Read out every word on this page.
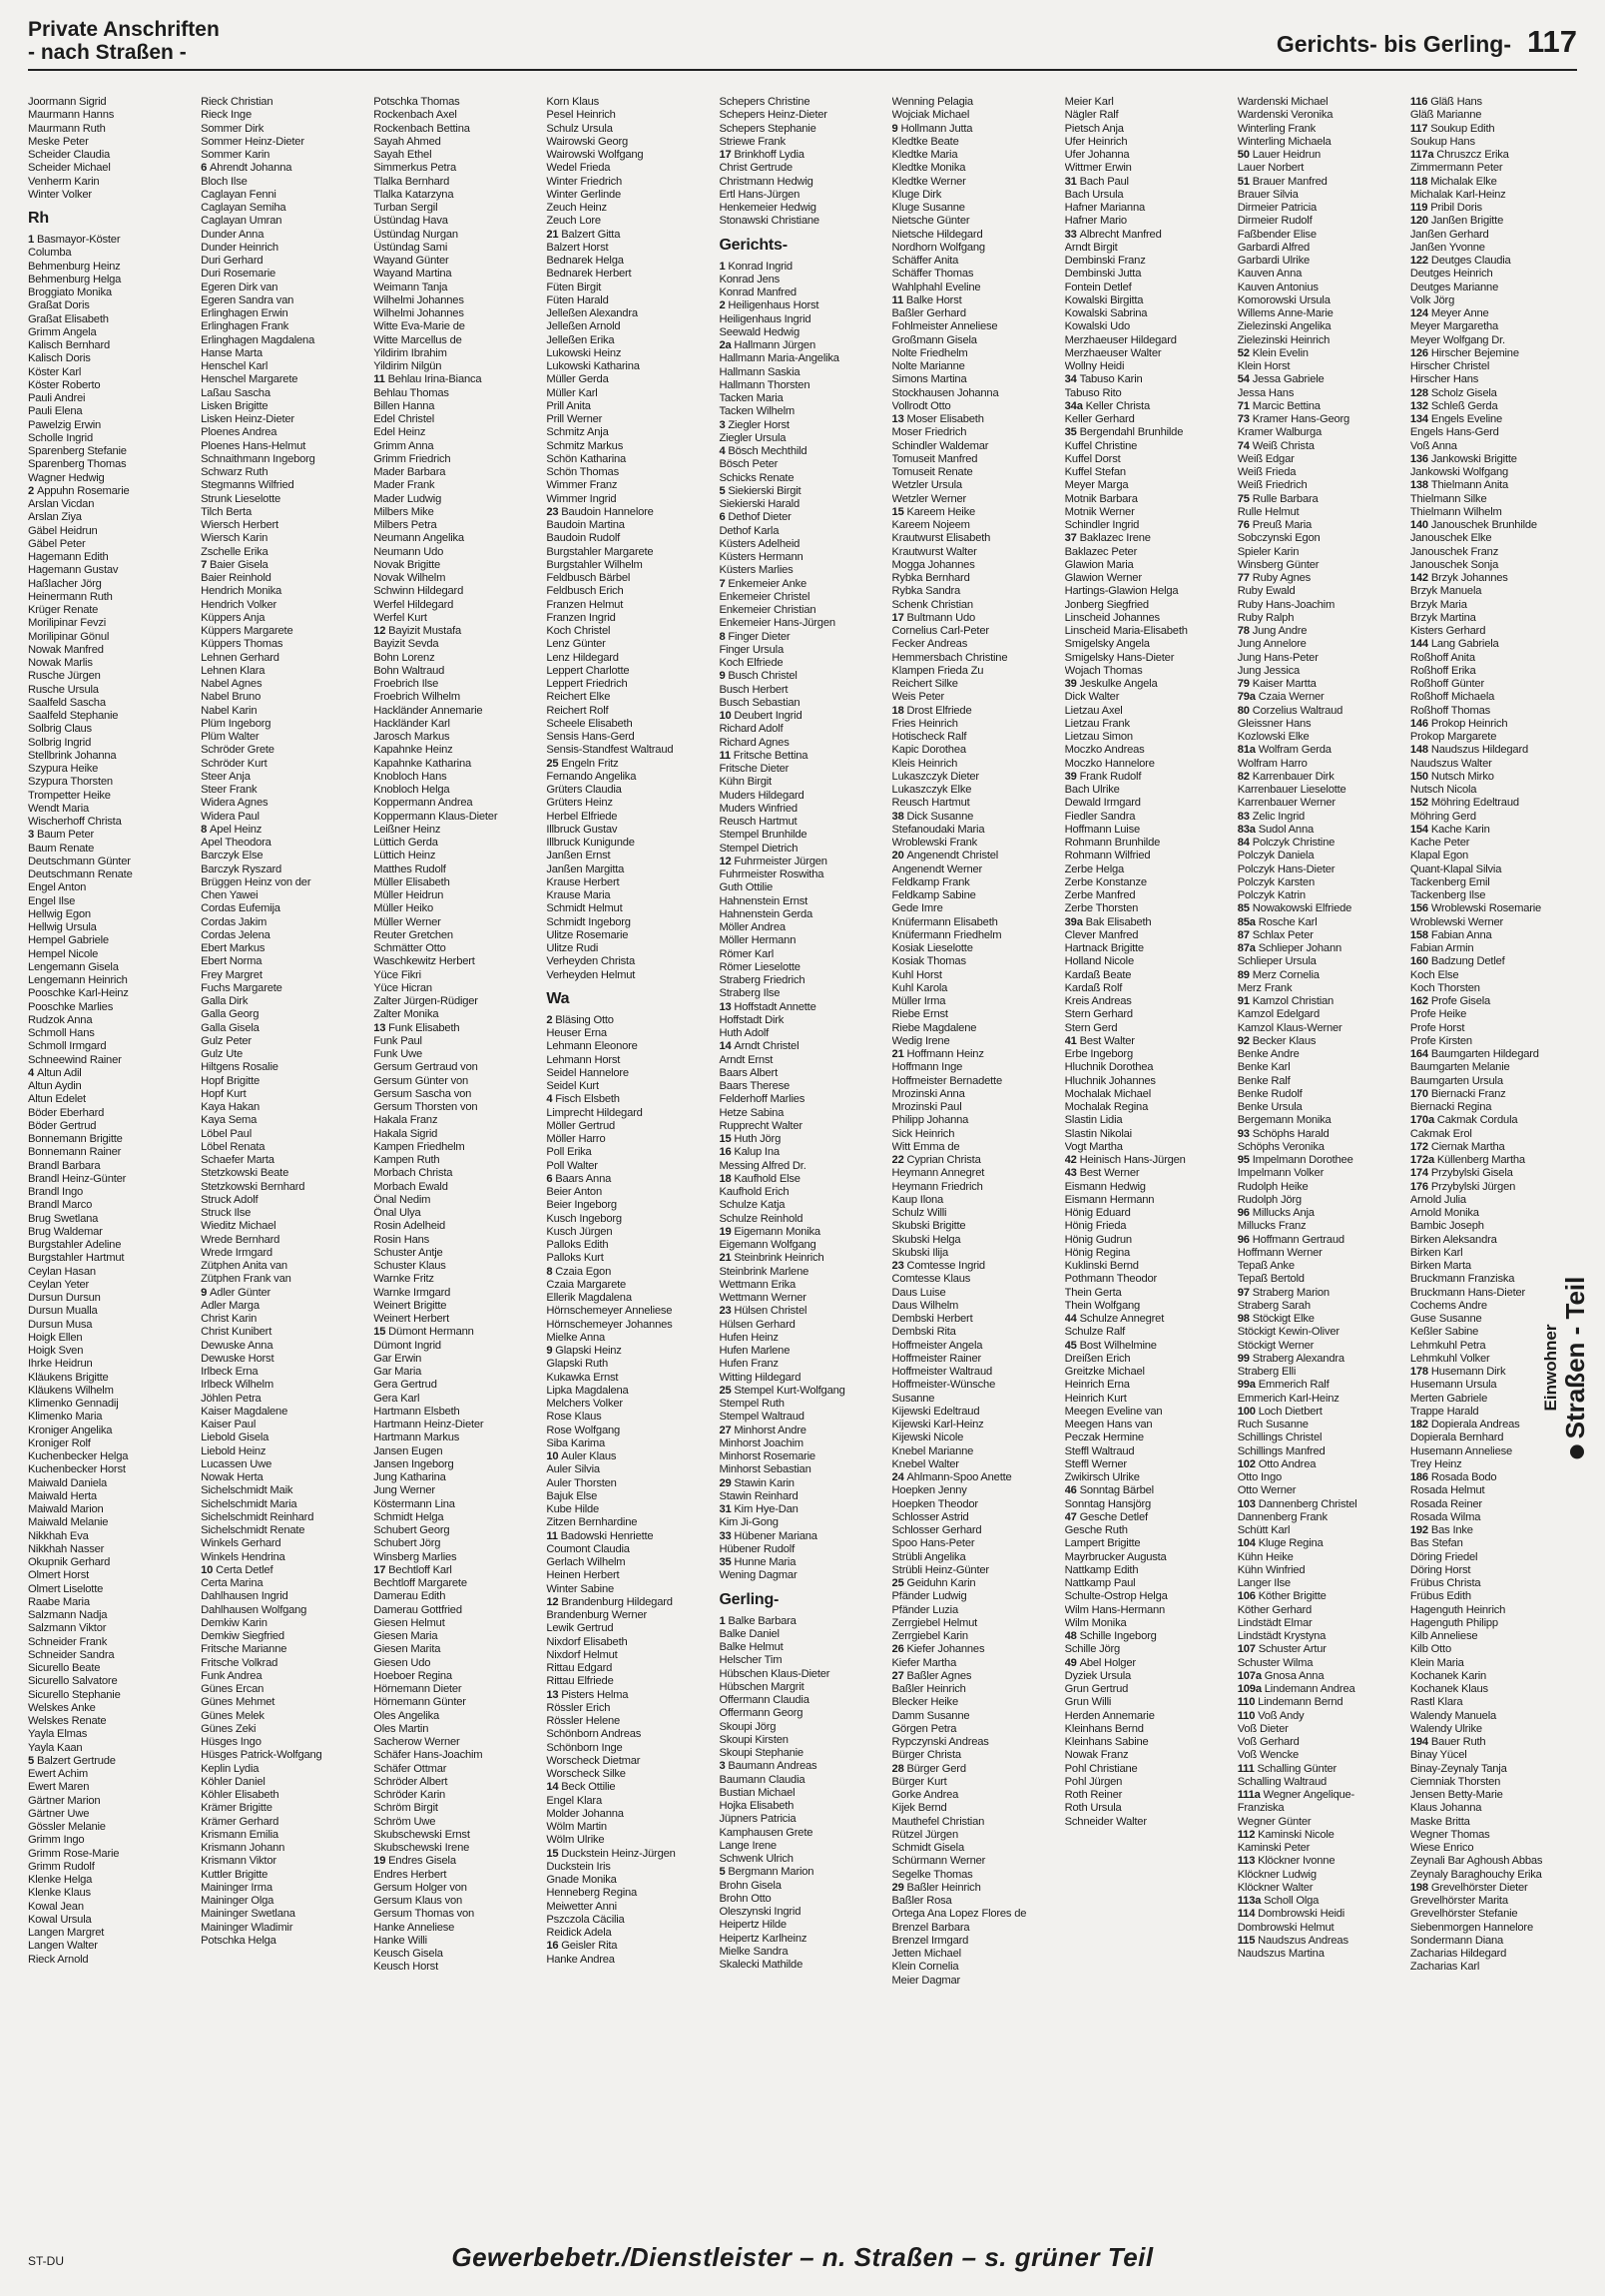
Private Anschriften
- nach Straßen -	Gerichts- bis Gerling- 117
Joormann Sigrid
Maurmann Hanns
Maurmann Ruth
Meske Peter
Scheider Claudia
Scheider Michael
Venherm Karin
Winter Volker
Rh
1 Basmayor-Köster
Columba
Behmenburg Heinz
Behmenburg Helga
Broggiato Monika
Graßat Doris
Graßat Elisabeth
Grimm Angela
Kalisch Bernhard
Kalisch Doris
Köster Karl
Köster Roberto
Pauli Andrei
Pauli Elena
Pawelzig Erwin
Scholle Ingrid
Sparenberg Stefanie
Sparenberg Thomas
Wagner Hedwig
2 Appuhn Rosemarie
Arslan Vicdan
Arslan Ziya
Gäbel Heidrun
Gäbel Peter
Hagemann Edith
Hagemann Gustav
Haßlacher Jörg
Heinermann Ruth
Krüger Renate
Morilipinar Fevzi
Morilipinar Gönul
Nowak Manfred
Nowak Marlis
Rusche Jürgen
Rusche Ursula
Saalfeld Sascha
Saalfeld Stephanie
Solbrig Claus
Solbrig Ingrid
Stellbrink Johanna
Szypura Heike
Szypura Thorsten
Trompetter Heike
Wendt Maria
Wischerhoff Christa
3 Baum Peter
Baum Renate
Deutschmann Günter
Deutschmann Renate
Engel Anton
Engel Ilse
Hellwig Egon
Hellwig Ursula
Hempel Gabriele
Hempel Nicole
Lengemann Gisela
Lengemann Heinrich
Pooschke Karl-Heinz
Pooschke Marlies
Rudzok Anna
Schmoll Hans
Schmoll Irmgard
Schneewind Rainer
4 Altun Adil
Altun Aydin
Altun Edelet
Böder Eberhard
Böder Gertrud
Bonnemann Brigitte
Bonnemann Rainer
Brandl Barbara
Brandl Heinz-Günter
Brandl Ingo
Brandl Marco
Brug Swetlana
Brug Waldemar
Burgstahler Adeline
Burgstahler Hartmut
Ceylan Hasan
Ceylan Yeter
Dursun Dursun
Dursun Mualla
Dursun Musa
Hoigk Ellen
Hoigk Sven
Ihrke Heidrun
Kläukens Brigitte
Kläukens Wilhelm
Klimenko Gennadij
Klimenko Maria
Kroniger Angelika
Kroniger Rolf
Kuchenbecker Helga
Kuchenbecker Horst
Maiwald Daniela
Maiwald Herta
Maiwald Marion
Maiwald Melanie
Nikkhah Eva
Nikkhah Nasser
Okupnik Gerhard
Olmert Horst
Olmert Liselotte
Raabe Maria
Salzmann Nadja
Salzmann Viktor
Schneider Frank
Schneider Sandra
Sicurello Beate
Sicurello Salvatore
Sicurello Stephanie
Welskes Anke
Welskes Renate
Yayla Elmas
Yayla Kaan
5 Balzert Gertrude
Ewert Achim
Ewert Maren
Gärtner Marion
Gärtner Uwe
Gössler Melanie
Grimm Ingo
Grimm Rose-Marie
Grimm Rudolf
Klenke Helga
Klenke Klaus
Kowal Jean
Kowal Ursula
Langen Margret
Langen Walter
Rieck Arnold
Rieck Christian
Rieck Inge
Sommer Dirk
Sommer Heinz-Dieter
Sommer Karin
6 Ahrendt Johanna
Bloch Ilse
Caglayan Fenni
Caglayan Semiha
Caglayan Umran
Dunder Anna
Dunder Heinrich
Duri Gerhard
Duri Rosemarie
Egeren Dirk van
Egeren Sandra van
Erlinghagen Erwin
Erlinghagen Frank
Erlinghagen Magdalena
Hanse Marta
Henschel Karl
Henschel Margarete
Laßau Sascha
Lisken Brigitte
Lisken Heinz-Dieter
Ploenes Andrea
Ploenes Hans-Helmut
Schnaithmann Ingeborg
Schwarz Ruth
Stegmanns Wilfried
Strunk Lieselotte
Tilch Berta
Wiersch Herbert
Wiersch Karin
Zschelle Erika
7 Baier Gisela
Baier Reinhold
Hendrich Monika
Hendrich Volker
Küppers Anja
Küppers Margarete
Küppers Thomas
Lehnen Gerhard
Lehnen Klara
Nabel Agnes
Nabel Bruno
Nabel Karin
Plüm Ingeborg
Plüm Walter
Schröder Grete
Schröder Kurt
Steer Anja
Steer Frank
Widera Agnes
Widera Paul
8 Apel Heinz
Apel Theodora
Barczyk Else
Barczyk Ryszard
Brüggen Heinz von der
Chen Yawei
Cordas Eufemija
Cordas Jakim
Cordas Jelena
Ebert Markus
Ebert Norma
Frey Margret
Fuchs Margarete
Galla Dirk
Galla Georg
Galla Gisela
Gulz Peter
Gulz Ute
Hiltgens Rosalie
Hopf Brigitte
Hopf Kurt
Kaya Hakan
Kaya Sema
Löbel Paul
Löbel Renata
Schaefer Marta
Stetzkowski Beate
Stetzkowski Bernhard
Struck Adolf
Struck Ilse
Wieditz Michael
Wrede Bernhard
Wrede Irmgard
Zütphen Anita van
Zütphen Frank van
9 Adler Günter
Adler Marga
Christ Karin
Christ Kunibert
Dewuske Anna
Dewuske Horst
Irlbeck Erna
Irlbeck Wilhelm
Jöhlen Petra
Kaiser Magdalene
Kaiser Paul
Liebold Gisela
Liebold Heinz
Lucassen Uwe
Nowak Herta
Sichelschmidt Maik
Sichelschmidt Maria
Sichelschmidt Reinhard
Sichelschmidt Renate
Winkels Gerhard
Winkels Hendrina
10 Certa Detlef
Certa Marina
Dahlhausen Ingrid
Dahlhausen Wolfgang
Demkiw Karin
Demkiw Siegfried
Fritsche Marianne
Fritsche Volkrad
Funk Andrea
Günes Ercan
Günes Mehmet
Günes Melek
Günes Zeki
Hüsges Ingo
Hüsges Patrick-Wolfgang
Keplin Lydia
Köhler Daniel
Köhler Elisabeth
Krämer Brigitte
Krämer Gerhard
Krismann Emilia
Krismann Johann
Krismann Viktor
Kuttler Brigitte
Maininger Irma
Maininger Olga
Maininger Swetlana
Maininger Wladimir
Potschka Helga
Potschka Thomas
Rockenbach Axel
Rockenbach Bettina
Sayah Ahmed
Sayah Ethel
Simmerkus Petra
Tlalka Bernhard
Tlalka Katarzyna
Turban Sergil
Üstündag Hava
Üstündag Nurgan
Üstündag Sami
Wayand Günter
Wayand Martina
Weimann Tanja
Wilhelmi Johannes
Wilhelmi Johannes
Witte Eva-Marie de
Witte Marcellus de
Yildirim Ibrahim
Yildirim Nilgün
11 Behlau Irina-Bianca
Behlau Thomas
Billen Hanna
Edel Christel
Edel Heinz
Grimm Anna
Grimm Friedrich
Mader Barbara
Mader Frank
Mader Ludwig
Milbers Mike
Milbers Petra
Neumann Angelika
Neumann Udo
Novak Brigitte
Novak Wilhelm
Schwinn Hildegard
Werfel Hildegard
Werfel Kurt
12 Bayizit Mustafa
Bayizit Sevda
Bohn Lorenz
Bohn Waltraud
Froebrich Ilse
Froebrich Wilhelm
Hackländer Annemarie
Hackländer Karl
Jarosch Markus
Kapahnke Heinz
Kapahnke Katharina
Knobloch Hans
Knobloch Helga
Koppermann Andrea
Koppermann Klaus-Dieter
Leißner Heinz
Lüttich Gerda
Lüttich Heinz
Matthes Rudolf
Müller Elisabeth
Müller Heidrun
Müller Heiko
Müller Werner
Reuter Gretchen
Schmätter Otto
Waschkewitz Herbert
Yüce Fikri
Yüce Hicran
Zalter Jürgen-Rüdiger
Zalter Monika
13 Funk Elisabeth
Funk Paul
Funk Uwe
Gersum Gertraud von
Gersum Günter von
Gersum Sascha von
Gersum Thorsten von
Hakala Franz
Hakala Sigrid
Kampen Friedhelm
Kampen Ruth
Morbach Christa
Morbach Ewald
Önal Nedim
Önal Ulya
Rosin Adelheid
Rosin Hans
Schuster Antje
Schuster Klaus
Warnke Fritz
Warnke Irmgard
Weinert Brigitte
Weinert Herbert
15 Dümont Hermann
Dümont Ingrid
Gar Erwin
Gar Maria
Gera Gertrud
Gera Karl
Hartmann Elsbeth
Hartmann Heinz-Dieter
Hartmann Markus
Jansen Eugen
Jansen Ingeborg
Jung Katharina
Jung Werner
Köstermann Lina
Schmidt Helga
Schubert Georg
Schubert Jörg
Winsberg Marlies
17 Bechtloff Karl
Bechtloff Margarete
Damerau Edith
Damerau Gottfried
Giesen Helmut
Giesen Maria
Giesen Marita
Giesen Udo
Hoeboer Regina
Hörnemann Dieter
Hörnemann Günter
Oles Angelika
Oles Martin
Sacherow Werner
Schäfer Hans-Joachim
Schäfer Ottmar
Schröder Albert
Schröder Karin
Schröm Birgit
Schröm Uwe
Skubschewski Ernst
Skubschewski Irene
19 Endres Gisela
Endres Herbert
Gersum Holger von
Gersum Klaus von
Gersum Thomas von
Hanke Anneliese
Hanke Willi
Keusch Gisela
Keusch Horst
Korn Klaus
Pesel Heinrich
Schulz Ursula
Wairowski Georg
Wairowski Wolfgang
Wedel Frieda
Winter Friedrich
Winter Gerlinde
Zeuch Heinz
Zeuch Lore
21 Balzert Gitta
Balzert Horst
Bednarek Helga
Bednarek Herbert
Füten Birgit
Füten Harald
Jelleßen Alexandra
Jelleßen Arnold
Jelleßen Erika
Lukowski Heinz
Lukowski Katharina
Müller Gerda
Müller Karl
Prill Anita
Prill Werner
Schmitz Anja
Schmitz Markus
Schön Katharina
Schön Thomas
Wimmer Franz
Wimmer Ingrid
23 Baudoin Hannelore
Baudoin Martina
Baudoin Rudolf
Burgstahler Margarete
Burgstahler Wilhelm
Feldbusch Bärbel
Feldbusch Erich
Franzen Helmut
Franzen Ingrid
Koch Christel
Lenz Günter
Lenz Hildegard
Leppert Charlotte
Leppert Friedrich
Reichert Elke
Reichert Rolf
Scheele Elisabeth
Sensis Hans-Gerd
Sensis-Standfest Waltraud
25 Engeln Fritz
Fernando Angelika
Grüters Claudia
Grüters Heinz
Herbel Elfriede
Illbruck Gustav
Illbruck Kunigunde
Janßen Ernst
Janßen Margitta
Krause Herbert
Krause Maria
Schmidt Helmut
Schmidt Ingeborg
Ulitze Rosemarie
Ulitze Rudi
Verheyden Christa
Verheyden Helmut
Wa
2 Bläsing Otto
Heuser Erna
Lehmann Eleonore
Lehmann Horst
Seidel Hannelore
Seidel Kurt
4 Fisch Elsbeth
Limprecht Hildegard
Möller Gertrud
Möller Harro
Poll Erika
Poll Walter
6 Baars Anna
Beier Anton
Beier Ingeborg
Kusch Ingeborg
Kusch Jürgen
Palloks Edith
Palloks Kurt
8 Czaia Egon
Czaia Margarete
Ellerik Magdalena
Hörnschemeyer Anneliese
Hörnschemeyer Johannes
Mielke Anna
9 Glapski Heinz
Glapski Ruth
Kukawka Ernst
Lipka Magdalena
Melchers Volker
Rose Klaus
Rose Wolfgang
Siba Karima
10 Auler Klaus
Auler Silvia
Auler Thorsten
Bajuk Else
Kube Hilde
Zitzen Bernhardine
11 Badowski Henriette
Coumont Claudia
Gerlach Wilhelm
Heinen Herbert
Winter Sabine
12 Brandenburg Hildegard
Brandenburg Werner
Lewik Gertrud
Nixdorf Elisabeth
Nixdorf Helmut
Rittau Edgard
Rittau Elfriede
13 Pisters Helma
Rössler Erich
Rössler Helene
Schönborn Andreas
Schönborn Inge
Worscheck Dietmar
Worscheck Silke
14 Beck Ottilie
Engel Klara
Molder Johanna
Wölm Martin
Wölm Ulrike
15 Duckstein Heinz-Jürgen
Duckstein Iris
Gnade Monika
Henneberg Regina
Meiwetter Anni
Pszczola Cäcilia
Reidick Adela
16 Geisler Rita
Hanke Andrea
Schepers Christine
Schepers Heinz-Dieter
Schepers Stephanie
Striewe Frank
17 Brinkhoff Lydia
Christ Gertrude
Christmann Hedwig
Ertl Hans-Jürgen
Henkemeier Hedwig
Stonawski Christiane
Gerichts-
1 Konrad Ingrid
Konrad Jens
Konrad Manfred
2 Heiligenhaus Horst
Heiligenhaus Ingrid
Seewald Hedwig
2a Hallmann Jürgen
Hallmann Maria-Angelika
Hallmann Saskia
Hallmann Thorsten
Tacken Maria
Tacken Wilhelm
3 Ziegler Horst
Ziegler Ursula
4 Bösch Mechthild
Bösch Peter
Schicks Renate
5 Siekierski Birgit
Siekierski Harald
6 Dethof Dieter
Dethof Karla
Küsters Adelheid
Küsters Hermann
Küsters Marlies
7 Enkemeier Anke
Enkemeier Christel
Enkemeier Christian
Enkemeier Hans-Jürgen
8 Finger Dieter
Finger Ursula
Koch Elfriede
9 Busch Christel
Busch Herbert
Busch Sebastian
10 Deubert Ingrid
Richard Adolf
Richard Agnes
11 Fritsche Bettina
Fritsche Dieter
Kühn Birgit
Muders Hildegard
Muders Winfried
Reusch Hartmut
Stempel Brunhilde
Stempel Dietrich
12 Fuhrmeister Jürgen
Fuhrmeister Roswitha
Guth Ottilie
Hahnenstein Ernst
Hahnenstein Gerda
Möller Andrea
Möller Hermann
Römer Karl
Römer Lieselotte
Straberg Friedrich
Straberg Ilse
13 Hoffstadt Annette
Hoffstadt Dirk
Huth Adolf
14 Arndt Christel
Arndt Ernst
Baars Albert
Baars Therese
Felderhoff Marlies
Hetze Sabina
Rupprecht Walter
15 Huth Jörg
16 Kalup Ina
Messing Alfred Dr.
18 Kaufhold Else
Kaufhold Erich
Schulze Katja
Schulze Reinhold
19 Eigemann Monika
Eigemann Wolfgang
21 Steinbrink Heinrich
Steinbrink Marlene
Wettmann Erika
Wettmann Werner
23 Hülsen Christel
Hülsen Gerhard
Hufen Heinz
Hufen Marlene
Hufen Franz
Witting Hildegard
25 Stempel Kurt-Wolfgang
Stempel Ruth
Stempel Waltraud
27 Minhorst Andre
Minhorst Joachim
Minhorst Rosemarie
Minhorst Sebastian
29 Stawin Karin
Stawin Reinhard
31 Kim Hye-Dan
Kim Ji-Gong
33 Hübener Mariana
Hübener Rudolf
35 Hunne Maria
Wening Dagmar
Gerling-
1 Balke Barbara
Balke Daniel
Balke Helmut
Helscher Tim
Hübschen Klaus-Dieter
Hübschen Margrit
Offermann Claudia
Offermann Georg
Skoupi Jörg
Skoupi Kirsten
Skoupi Stephanie
3 Baumann Andreas
Baumann Claudia
Bustian Michael
Hojka Elisabeth
Jüpners Patricia
Kamphausen Grete
Lange Irene
Schwenk Ulrich
5 Bergmann Marion
Brohn Gisela
Brohn Otto
Oleszynski Ingrid
Heipertz Hilde
Heipertz Karlheinz
Mielke Sandra
Skalecki Mathilde
Wenning Pelagia
Wojciak Michael
9 Hollmann Jutta
Kledtke Beate
Kledtke Maria
Kledtke Monika
Kledtke Werner
Kluge Dirk
Kluge Susanne
Nietsche Günter
Nietsche Hildegard
Nordhorn Wolfgang
Schäffer Anita
Schäffer Thomas
Wahlphahl Eveline
11 Balke Horst
Baßler Gerhard
Fohlmeister Anneliese
Großmann Gisela
Nolte Friedhelm
Nolte Marianne
Simons Martina
Stockhausen Johanna
Vollrodt Otto
13 Moser Elisabeth
Moser Friedrich
Schindler Waldemar
Tomuseit Manfred
Tomuseit Renate
Wetzler Ursula
Wetzler Werner
15 Kareem Heike
Kareem Nojeem
Krautwurst Elisabeth
Krautwurst Walter
Mogga Johannes
Rybka Bernhard
Rybka Sandra
Schenk Christian
17 Bultmann Udo
Cornelius Carl-Peter
Fecker Andreas
Hemmersbach Christine
Klampen Frieda Zu
Reichert Silke
Weis Peter
18 Drost Elfriede
Fries Heinrich
Hotischeck Ralf
Kapic Dorothea
Kleis Heinrich
Lukaszczyk Dieter
Lukaszczyk Elke
Reusch Hartmut
38 Dick Susanne
Stefanoudaki Maria
Wroblewski Frank
20 Angenendt Christel
Angenendt Werner
Feldkamp Frank
Feldkamp Sabine
Gede Imre
Knüfermann Elisabeth
Knüfermann Friedhelm
Kosiak Lieselotte
Kosiak Thomas
Kuhl Horst
Kuhl Karola
Müller Irma
Riebe Ernst
Riebe Magdalene
Wedig Irene
21 Hoffmann Heinz
Hoffmann Inge
Hoffmeister Bernadette
Mrozinski Anna
Mrozinski Paul
Philipp Johanna
Sick Heinrich
Witt Emma de
22 Cyprian Christa
Heymann Annegret
Heymann Friedrich
Kaup Ilona
Schulz Willi
Skubski Brigitte
Skubski Helga
Skubski Ilija
23 Comtesse Ingrid
Comtesse Klaus
Daus Luise
Daus Wilhelm
Dembski Herbert
Dembski Rita
Hoffmeister Angela
Hoffmeister Rainer
Hoffmeister Waltraud
Hoffmeister-Wünsche
Susanne
Kijewski Edeltraud
Kijewski Karl-Heinz
Kijewski Nicole
Knebel Marianne
Knebel Walter
24 Ahlmann-Spoo Anette
Hoepken Jenny
Hoepken Theodor
Schlosser Astrid
Schlosser Gerhard
Spoo Hans-Peter
Strübli Angelika
Strübli Heinz-Günter
25 Geiduhn Karin
Pfänder Ludwig
Pfänder Luzia
Zerrgiebel Helmut
Zerrgiebel Karin
26 Kiefer Johannes
Kiefer Martha
27 Baßler Agnes
Baßler Heinrich
Blecker Heike
Damm Susanne
Görgen Petra
Rypczynski Andreas
Bürger Christa
28 Bürger Gerd
Bürger Kurt
Gorke Andrea
Kijek Bernd
Mauthefel Christian
Rützel Jürgen
Schmidt Gisela
Schürmann Werner
Segelke Thomas
29 Baßler Heinrich
Baßler Rosa
Ortega Ana Lopez Flores de
Brenzel Barbara
Brenzel Irmgard
Jetten Michael
Klein Cornelia
Meier Dagmar
Meier Karl
Nägler Ralf
Pietsch Anja
Ufer Heinrich
Ufer Johanna
Wittmer Erwin
31 Bach Paul
Bach Ursula
Hafner Marianna
Hafner Mario
33 Albrecht Manfred
Arndt Birgit
Dembinski Franz
Dembinski Jutta
Fontein Detlef
Kowalski Birgitta
Kowalski Sabrina
Kowalski Udo
Merzhaeuser Hildegard
Merzhaeuser Walter
Wollny Heidi
34 Tabuso Karin
Tabuso Rito
34a Keller Christa
Keller Gerhard
35 Bergendahl Brunhilde
Kuffel Christine
Kuffel Dorst
Kuffel Stefan
Meyer Marga
Motnik Barbara
Motnik Werner
Schindler Ingrid
37 Baklazec Irene
Baklazec Peter
Glawion Maria
Glawion Werner
Hartings-Glawion Helga
Jonberg Siegfried
Linscheid Johannes
Linscheid Maria-Elisabeth
Smigelsky Angela
Smigelsky Hans-Dieter
Wojach Thomas
39 Jeskulke Angela
Dick Walter
Lietzau Axel
Lietzau Frank
Lietzau Simon
Moczko Andreas
Moczko Hannelore
39 Frank Rudolf
Bach Ulrike
Dewald Irmgard
Fiedler Sandra
Hoffmann Luise
Rohmann Brunhilde
Rohmann Wilfried
Zerbe Helga
Zerbe Konstanze
Zerbe Manfred
Zerbe Thorsten
39a Bak Elisabeth
Clever Manfred
Hartnack Brigitte
Holland Nicole
Kardaß Beate
Kardaß Rolf
Kreis Andreas
Stern Gerhard
Stern Gerd
41 Best Walter
Erbe Ingeborg
Hluchnik Dorothea
Hluchnik Johannes
Mochalak Michael
Mochalak Regina
Slastin Lidia
Slastin Nikolai
Vogt Martha
42 Heinisch Hans-Jürgen
43 Best Werner
Eismann Hedwig
Eismann Hermann
Hönig Eduard
Hönig Frieda
Hönig Gudrun
Hönig Regina
Kuklinski Bernd
Pothmann Theodor
Thein Gerta
Thein Wolfgang
44 Schulze Annegret
Schulze Ralf
45 Bost Wilhelmine
Dreißen Erich
Greitzke Michael
Heinrich Erna
Heinrich Kurt
Meegen Eveline van
Meegen Hans van
Peczak Hermine
Steffl Waltraud
Steffl Werner
Zwikirsch Ulrike
46 Sonntag Bärbel
Sonntag Hansjörg
47 Gesche Detlef
Gesche Ruth
Lampert Brigitte
Mayrbrucker Augusta
Nattkamp Edith
Nattkamp Paul
Schulte-Ostrop Helga
Wilm Hans-Hermann
Wilm Monika
48 Schille Ingeborg
Schille Jörg
49 Abel Holger
Dyziek Ursula
Grun Gertrud
Grun Willi
Herden Annemarie
Kleinhans Bernd
Kleinhans Sabine
Nowak Franz
Pohl Christiane
Pohl Jürgen
Roth Reiner
Roth Ursula
Schneider Walter
Wardenski Michael
Wardenski Veronika
Winterling Frank
Winterling Michaela
50 Lauer Heidrun
Lauer Norbert
51 Brauer Manfred
Brauer Silvia
Dirmeier Patricia
Dirmeier Rudolf
Faßbender Elise
Garbardi Alfred
Garbardi Ulrike
Kauven Anna
Kauven Antonius
Komorowski Ursula
Willems Anne-Marie
Zielezinski Angelika
Zielezinski Heinrich
52 Klein Evelin
Klein Horst
54 Jessa Gabriele
Jessa Hans
71 Marcic Bettina
73 Kramer Hans-Georg
Kramer Walburga
74 Weiß Christa
Weiß Edgar
Weiß Frieda
Weiß Friedrich
75 Rulle Barbara
Rulle Helmut
76 Preuß Maria
Sobczynski Egon
Spieler Karin
Winsberg Günter
77 Ruby Agnes
Ruby Ewald
Ruby Hans-Joachim
Ruby Ralph
78 Jung Andre
Jung Annelore
Jung Hans-Peter
Jung Jessica
79 Kaiser Martta
79a Czaia Werner
80 Corzelius Waltraud
Gleissner Hans
Kozlowski Elke
81a Wolfram Gerda
Wolfram Harro
82 Karrenbauer Dirk
Karrenbauer Lieselotte
Karrenbauer Werner
83 Zelic Ingrid
83a Sudol Anna
84 Polczyk Christine
Polczyk Daniela
Polczyk Hans-Dieter
Polczyk Karsten
Polczyk Katrin
85 Nowakowski Elfriede
85a Rosche Karl
87 Schlax Peter
87a Schlieper Johann
Schlieper Ursula
89 Merz Cornelia
Merz Frank
91 Kamzol Christian
Kamzol Edelgard
Kamzol Klaus-Werner
92 Becker Klaus
Benke Andre
Benke Karl
Benke Ralf
Benke Rudolf
Benke Ursula
Bergemann Monika
93 Schöphs Harald
Schöphs Veronika
95 Impelmann Dorothee
Impelmann Volker
Rudolph Heike
Rudolph Jörg
96 Millucks Anja
Millucks Franz
96 Hoffmann Gertraud
Hoffmann Werner
Tepaß Anke
Tepaß Bertold
97 Straberg Marion
Straberg Sarah
98 Stöckigt Elke
Stöckigt Kewin-Oliver
Stöckigt Werner
99 Straberg Alexandra
Straberg Elli
99a Emmerich Ralf
Emmerich Karl-Heinz
100 Loch Dietbert
Ruch Susanne
Schillings Christel
Schillings Manfred
102 Otto Andrea
Otto Ingo
Otto Werner
103 Dannenberg Christel
Dannenberg Frank
Schütt Karl
104 Kluge Regina
Kühn Heike
Kühn Winfried
Langer Ilse
106 Köther Brigitte
Köther Gerhard
Lindstädt Elmar
Lindstädt Krystyna
107 Schuster Artur
Schuster Wilma
107a Gnosa Anna
109a Lindemann Andrea
110 Lindemann Bernd
110 Voß Andy
Voß Dieter
Voß Gerhard
Voß Wencke
111 Schalling Günter
Schalling Waltraud
111a Wegner Angelique-
Franziska
Wegner Günter
112 Kaminski Nicole
Kaminski Peter
113 Klöckner Ivonne
Klöckner Ludwig
Klöckner Walter
113a Scholl Olga
114 Dombrowski Heidi
Dombrowski Helmut
115 Naudszus Andreas
Naudszus Martina
116 Gläß Hans
Gläß Marianne
117 Soukup Edith
Soukup Hans
117a Chruszcz Erika
Zimmermann Peter
118 Michalak Elke
Michalak Karl-Heinz
119 Pribil Doris
120 Janßen Brigitte
Janßen Gerhard
Janßen Yvonne
122 Deutges Claudia
Deutges Heinrich
Deutges Marianne
Volk Jörg
124 Meyer Anne
Meyer Margaretha
Meyer Wolfgang Dr.
126 Hirscher Bejemine
Hirscher Christel
Hirscher Hans
128 Scholz Gisela
132 Schleß Gerda
134 Engels Eveline
Engels Hans-Gerd
Voß Anna
136 Jankowski Brigitte
Jankowski Wolfgang
138 Thielmann Anita
Thielmann Silke
Thielmann Wilhelm
140 Janouschek Brunhilde
Janouschek Elke
Janouschek Franz
Janouschek Sonja
142 Brzyk Johannes
Brzyk Manuela
Brzyk Maria
Brzyk Martina
Kisters Gerhard
144 Lang Gabriela
Roßhoff Anita
Roßhoff Erika
Roßhoff Günter
Roßhoff Michaela
Roßhoff Thomas
146 Prokop Heinrich
Prokop Margarete
148 Naudszus Hildegard
Naudszus Walter
150 Nutsch Mirko
Nutsch Nicola
152 Möhring Edeltraud
Möhring Gerd
154 Kache Karin
Kache Peter
Klapal Egon
Quant-Klapal Silvia
Tackenberg Emil
Tackenberg Ilse
156 Wroblewski Rosemarie
Wroblewski Werner
158 Fabian Anna
Fabian Armin
160 Badzung Detlef
Koch Else
Koch Thorsten
162 Profe Gisela
Profe Heike
Profe Horst
Profe Kirsten
164 Baumgarten Hildegard
Baumgarten Melanie
Baumgarten Ursula
170 Biernacki Franz
Biernacki Regina
170a Cakmak Cordula
Cakmak Erol
172 Ciernak Martha
172a Küllenberg Martha
174 Przybylski Gisela
176 Przybylski Jürgen
Arnold Julia
Arnold Monika
Bambic Joseph
Birken Aleksandra
Birken Karl
Birken Marta
Bruckmann Franziska
Bruckmann Hans-Dieter
Cochems Andre
Guse Susanne
Keßler Sabine
Lehmkuhl Petra
Lehmkuhl Volker
178 Husemann Dirk
Husemann Ursula
Merten Gabriele
Trappe Harald
182 Dopierala Andreas
Dopierala Bernhard
Husemann Anneliese
Trey Heinz
186 Rosada Bodo
Rosada Helmut
Rosada Reiner
Rosada Wilma
192 Bas Inke
Bas Stefan
Döring Friedel
Döring Horst
Frübus Christa
Frübus Edith
Hagenguth Heinrich
Hagenguth Philipp
Kilb Anneliese
Kilb Otto
Klein Maria
Kochanek Karin
Kochanek Klaus
Rastl Klara
Walendy Manuela
Walendy Ulrike
194 Bauer Ruth
Binay Yücel
Binay-Zeynaly Tanja
Ciemniak Thorsten
Jensen Betty-Marie
Klaus Johanna
Maske Britta
Wegner Thomas
Wiese Enrico
Zeynali Bar Aghoush Abbas
Zeynaly Baraghouchy Erika
198 Grevelhörster Dieter
Grevelhörster Marita
Grevelhörster Stefanie
Siebenmorgen Hannelore
Sondermann Diana
Zacharias Hildegard
Zacharias Karl
Einwohner Straßen - Teil
ST-DU	Gewerbebetr./Dienstleister – n. Straßen – s. grüner Teil
